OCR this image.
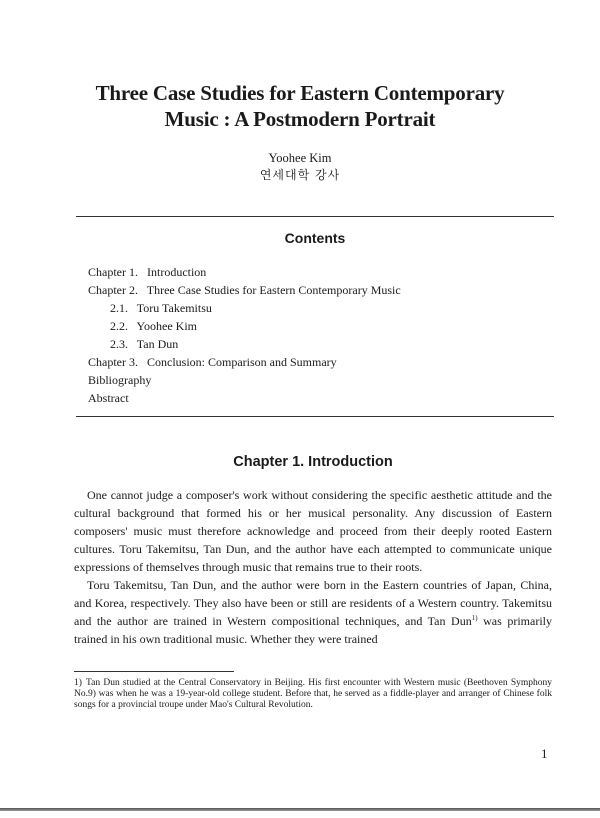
Three Case Studies for Eastern Contemporary
Music : A Postmodern Portrait
Yoohee Kim
연세대학 강사
Contents
Chapter 1.   Introduction
Chapter 2.   Three Case Studies for Eastern Contemporary Music
2.1.   Toru Takemitsu
2.2.   Yoohee Kim
2.3.   Tan Dun
Chapter 3.   Conclusion: Comparison and Summary
Bibliography
Abstract
Chapter 1. Introduction

One cannot judge a composer's work without considering the specific aesthetic attitude and the cultural background that formed his or her musical personality. Any discussion of Eastern composers' music must therefore acknowledge and proceed from their deeply rooted Eastern cultures. Toru Takemitsu, Tan Dun, and the author have each attempted to communicate unique expressions of themselves through music that remains true to their roots.

Toru Takemitsu, Tan Dun, and the author were born in the Eastern countries of Japan, China, and Korea, respectively. They also have been or still are residents of a Western country. Takemitsu and the author are trained in Western compositional techniques, and Tan Dun$^{1)}$ was primarily trained in his own traditional music. Whether they were trained

1) Tan Dun studied at the Central Conservatory in Beijing. His first encounter with Western music (Beethoven Symphony No.9) was when he was a 19-year-old college student. Before that, he served as a fiddle-player and arranger of Chinese folk songs for a provincial troupe under Mao's Cultural Revolution.
1
